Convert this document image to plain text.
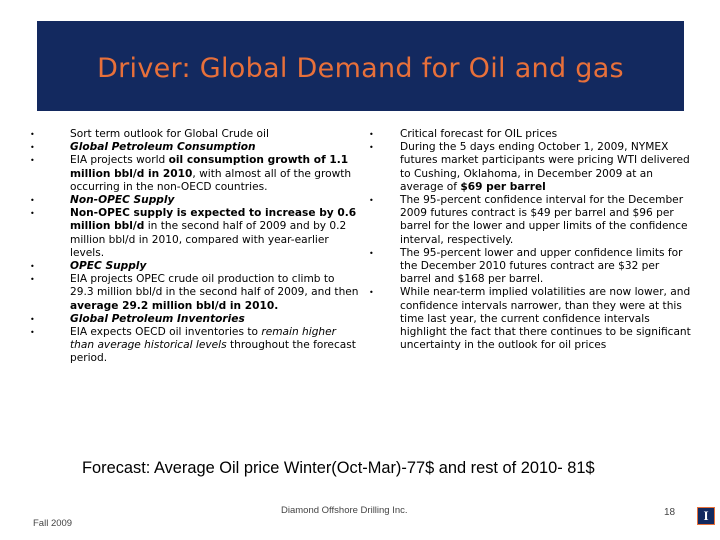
Driver: Global Demand for Oil and gas
•	Sort term outlook for Global Crude oil
•	Global Petroleum Consumption
•	EIA projects world oil consumption growth of 1.1 million bbl/d in 2010, with almost all of the growth occurring in the non-OECD countries.
•	Non-OPEC Supply
•	Non-OPEC supply is expected to increase by 0.6 million bbl/d in the second half of 2009 and by 0.2 million bbl/d in 2010, compared with year-earlier levels.
•	OPEC Supply
•	EIA projects OPEC crude oil production to climb to 29.3 million bbl/d in the second half of 2009, and then average 29.2 million bbl/d in 2010.
•	Global Petroleum Inventories
•	EIA expects OECD oil inventories to remain higher than average historical levels throughout the forecast period.
• Critical forecast for OIL prices
• During the 5 days ending October 1, 2009, NYMEX futures market participants were pricing WTI delivered to Cushing, Oklahoma, in December 2009 at an average of $69 per barrel
• The 95-percent confidence interval for the December 2009 futures contract is $49 per barrel and $96 per barrel for the lower and upper limits of the confidence interval, respectively.
• The 95-percent lower and upper confidence limits for the December 2010 futures contract are $32 per barrel and $168 per barrel.
• While near-term implied volatilities are now lower, and confidence intervals narrower, than they were at this time last year, the current confidence intervals highlight the fact that there continues to be significant uncertainty in the outlook for oil prices
Forecast: Average Oil price Winter(Oct-Mar)-77$ and rest of 2010- 81$
Fall 2009
Diamond Offshore Drilling Inc.	18	I
